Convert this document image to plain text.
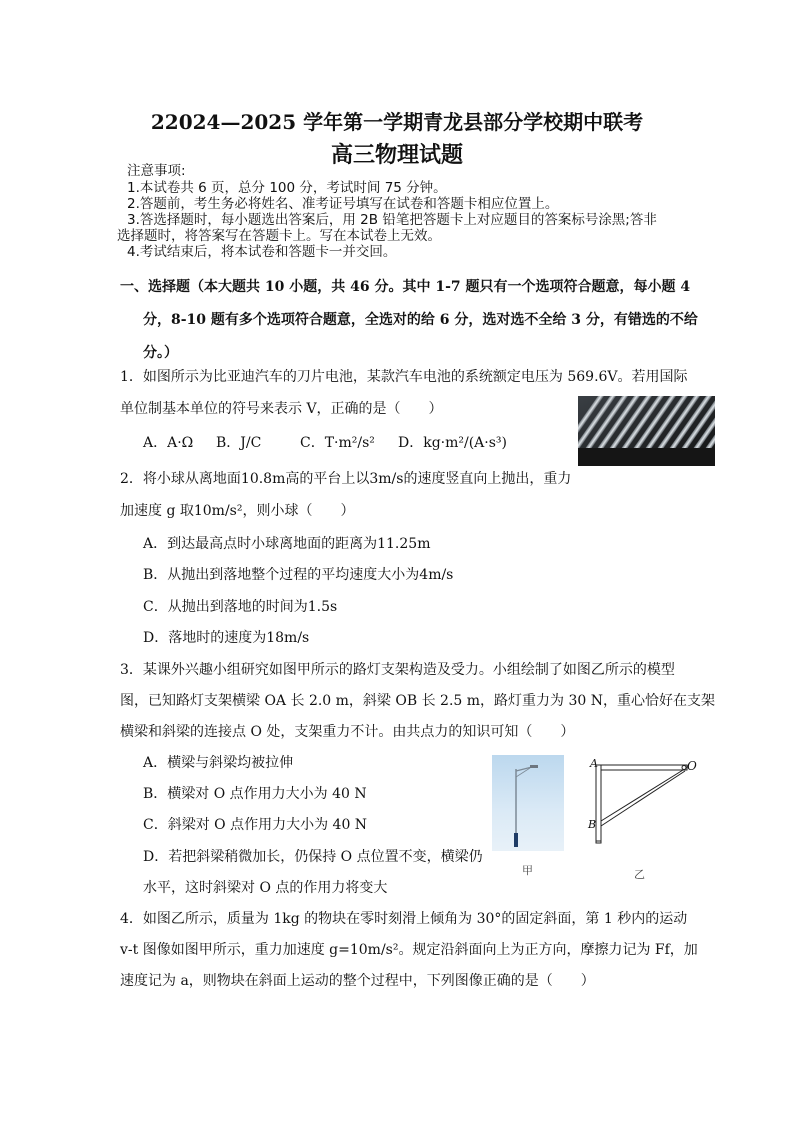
22024—2025 学年第一学期青龙县部分学校期中联考
高三物理试题
注意事项:
1.本试卷共 6 页，总分 100 分，考试时间 75 分钟。
2.答题前，考生务必将姓名、准考证号填写在试卷和答题卡相应位置上。
3.答选择题时，每小题选出答案后，用 2B 铅笔把答题卡上对应题目的答案标号涂黑;答非
选择题时，将答案写在答题卡上。写在本试卷上无效。
4.考试结束后，将本试卷和答题卡一并交回。
一、选择题（本大题共 10 小题，共 46 分。其中 1-7 题只有一个选项符合题意，每小题 4
分，8-10 题有多个选项符合题意，全选对的给 6 分，选对选不全给 3 分，有错选的不给
分。）
1．如图所示为比亚迪汽车的刀片电池，某款汽车电池的系统额定电压为 569.6V。若用国际
单位制基本单位的符号来表示 V，正确的是（　　）
A．A·Ω B．J/C	C．T·m²/s² D．kg·m²/(A·s³)
2．将小球从离地面10.8m高的平台上以3m/s的速度竖直向上抛出，重力
加速度 g 取10m/s²，则小球（　　）
A．到达最高点时小球离地面的距离为11.25m
B．从抛出到落地整个过程的平均速度大小为4m/s
C．从抛出到落地的时间为1.5s
D．落地时的速度为18m/s
3．某课外兴趣小组研究如图甲所示的路灯支架构造及受力。小组绘制了如图乙所示的模型
图，已知路灯支架横梁 OA 长 2.0 m，斜梁 OB 长 2.5 m，路灯重力为 30 N，重心恰好在支架
横梁和斜梁的连接点 O 处，支架重力不计。由共点力的知识可知（　　）
A．横梁与斜梁均被拉伸
B．横梁对 O 点作用力大小为 40 N
C．斜梁对 O 点作用力大小为 40 N
D．若把斜梁稍微加长，仍保持 O 点位置不变，横梁仍
水平，这时斜梁对 O 点的作用力将变大
甲
A	O
B
乙
4．如图乙所示，质量为 1kg 的物块在零时刻滑上倾角为 30°的固定斜面，第 1 秒内的运动
v-t 图像如图甲所示，重力加速度 g=10m/s²。规定沿斜面向上为正方向，摩擦力记为 Ff，加
速度记为 a，则物块在斜面上运动的整个过程中，下列图像正确的是（　　）
